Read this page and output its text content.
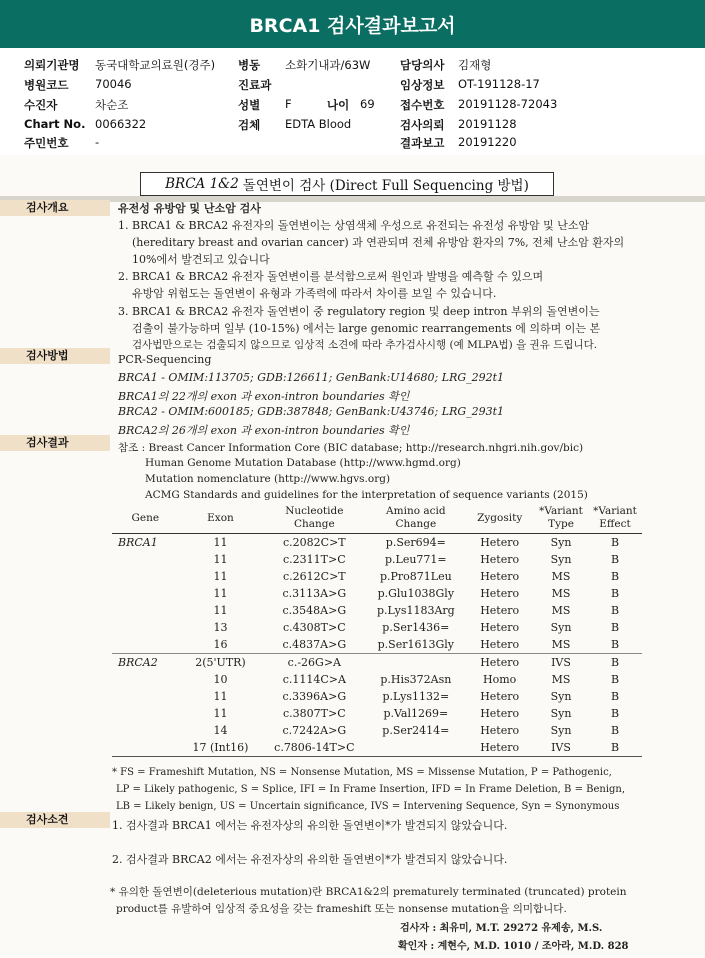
BRCA1 검사결과보고서
의뢰기관명 동국대학교의료원(경주) 병동 소화기내과/63W	담당의사 김재형
병원코드 70046	진료과	임상정보 OT-191128-17
수진자	차순조	성별 F	나이 69 접수번호 20191128-72043
Chart No. 0066322	검체 EDTA Blood	검사의뢰 20191128
주민번호 -	결과보고 20191220
BRCA 1&2 돌연변이 검사 (Direct Full Sequencing 방법)
검사개요	유전성 유방암 및 난소암 검사
1. BRCA1 & BRCA2 유전자의 돌연변이는 상염색체 우성으로 유전되는 유전성 유방암 및 난소암
(hereditary breast and ovarian cancer) 과 연관되며 전체 유방암 환자의 7%, 전체 난소암 환자의
10%에서 발견되고 있습니다
2. BRCA1 & BRCA2 유전자 돌연변이를 분석함으로써 원인과 발병을 예측할 수 있으며
유방암 위험도는 돌연변이 유형과 가족력에 따라서 차이를 보일 수 있습니다.
3. BRCA1 & BRCA2 유전자 돌연변이 중 regulatory region 및 deep intron 부위의 돌연변이는
검출이 불가능하며 일부 (10-15%) 에서는 large genomic rearrangements 에 의하며 이는 본
검사법만으로는 검출되지 않으므로 임상적 소견에 따라 추가검사시행 (예 MLPA법) 을 권유 드립니다.
검사방법	PCR-Sequencing
BRCA1 - OMIM:113705; GDB:126611; GenBank:U14680; LRG_292t1
BRCA1의 22개의 exon 과 exon-intron boundaries 확인
BRCA2 - OMIM:600185; GDB:387848; GenBank:U43746; LRG_293t1
BRCA2의 26개의 exon 과 exon-intron boundaries 확인
검사결과	참조 : Breast Cancer Information Core (BIC database; http://research.nhgri.nih.gov/bic)
Human Genome Mutation Database (http://www.hgmd.org)
Mutation nomenclature (http://www.hgvs.org)
ACMG Standards and guidelines for the interpretation of sequence variants (2015)
Gene	Exon	Nucleotide Change	Amino acid Change	Zygosity	*Variant Type	*Variant Effect
BRCA1	11	c.2082C>T	p.Ser694=	Hetero	Syn	B
	11	c.2311T>C	p.Leu771=	Hetero	Syn	B
	11	c.2612C>T	p.Pro871Leu	Hetero	MS	B
	11	c.3113A>G	p.Glu1038Gly	Hetero	MS	B
	11	c.3548A>G	p.Lys1183Arg	Hetero	MS	B
	13	c.4308T>C	p.Ser1436=	Hetero	Syn	B
	16	c.4837A>G	p.Ser1613Gly	Hetero	MS	B
BRCA2	2(5'UTR)	c.-26G>A		Hetero	IVS	B
	10	c.1114C>A	p.His372Asn	Homo	MS	B
	11	c.3396A>G	p.Lys1132=	Hetero	Syn	B
	11	c.3807T>C	p.Val1269=	Hetero	Syn	B
	14	c.7242A>G	p.Ser2414=	Hetero	Syn	B
	17 (Int16)	c.7806-14T>C		Hetero	IVS	B
* FS = Frameshift Mutation, NS = Nonsense Mutation, MS = Missense Mutation, P = Pathogenic,
LP = Likely pathogenic, S = Splice, IFI = In Frame Insertion, IFD = In Frame Deletion, B = Benign,
LB = Likely benign, US = Uncertain significance, IVS = Intervening Sequence, Syn = Synonymous
검사소견	1. 검사결과 BRCA1 에서는 유전자상의 유의한 돌연변이*가 발견되지 않았습니다.
2. 검사결과 BRCA2 에서는 유전자상의 유의한 돌연변이*가 발견되지 않았습니다.
* 유의한 돌연변이(deleterious mutation)란 BRCA1&2의 prematurely terminated (truncated) protein
product를 유발하여 임상적 중요성을 갖는 frameshift 또는 nonsense mutation을 의미합니다.
검사자 : 최유미, M.T. 29272 유제송, M.S.
확인자 : 계현수, M.D. 1010 / 조아라, M.D. 828
